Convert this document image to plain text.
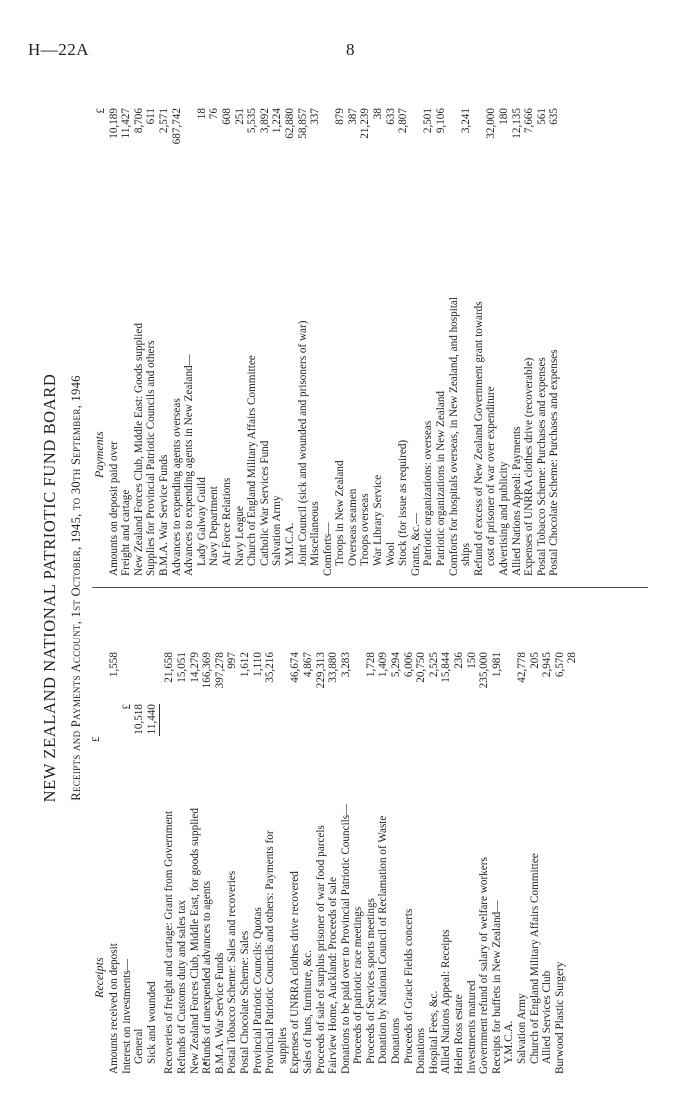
H—22A	8
NEW ZEALAND NATIONAL PATRIOTIC FUND BOARD Receipts and Payments Account, 1st October, 1945, to 30th September, 1946
Receipts
£
Payments
Amounts received on deposit
1,558
Interest on investments—
£
General
10,518
Sick and wounded
11,440
Recoveries of freight and cartage: Grant from Government
21,658
Refunds of Customs duty and sales tax
15,051
New Zealand Forces Club, Middle East, for goods supplied
14,279
Refunds of unexpended advances to agents
166,369
B.M.A. War Service Funds
397,278
Postal Tobacco Scheme: Sales and recoveries
997
Postal Chocolate Scheme: Sales
1,612
Provincial Patriotic Councils: Quotas
1,110
Provincial Patriotic Councils and others: Payments for
35,216
supplies Expenses of UNRRA clothes drive recovered
46,674
Sales of huts, furniture, &c.
4,867
Proceeds of sale of surplus prisoner of war food parcels
229,313
Fairview Home, Auckland: Proceeds of sale
33,880
Donations to be paid over to Provincial Patriotic Councils—
3,283
Proceeds of patriotic race meetings Proceeds of Services sports meetings
1,728
Donation by National Council of Reclamation of Waste
1,409
Donations
5,294
Proceeds of Gracie Fields concerts
6,006
Donations
20,750
Hospital Fees, &c.
2,525
Allied Nations Appeal: Receipts
15,844
Helen Ross estate
236
Investments matured
150
Government refund of salary of welfare workers
235,000
Receipts for buffets in New Zealand—
1,981
Y.M.C.A. Salvation Army
42,778
Church of England Military Affairs Committee
205
Allied Services Club
2,945
Burwood Plastic Surgery
6,570 28
£
Amounts on deposit paid over
10,189
Freight and cartage
11,427
New Zealand Forces Club, Middle East: Goods supplied
8,706
Supplies for Provincial Patriotic Councils and others
611
B.M.A. War Service Funds
2,571
Advances to expending agents overseas
687,742
Advances to expending agents in New Zealand— Lady Galway Guild
18
Navy Department
76
Air Force Relations
608
Navy League
251
Church of England Military Affairs Committee
5,535
Catholic War Services Fund
3,892
Salvation Army
1,224
Y.M.C.A.
62,880
Joint Council (sick and wounded and prisoners of war)
58,857
Miscellaneous
337
Comforts— Troops in New Zealand
879
Overseas seamen
387
Troops overseas
21,239
War Library Service
38
Wool
633
Stock (for issue as required)
2,807
Grants, &c.— Patriotic organizations: overseas
2,501
Patriotic organizations in New Zealand
9,106
Comforts for hospitals overseas, in New Zealand, and hospital ships
3,241
Refund of excess of New Zealand Government grant towards cost of prisoner of war over expenditure
32,000
Advertising and publicity
180
Allied Nations Appeal: Payments
12,135
Expenses of UNRRA clothes drive (recoverable)
7,666
Postal Tobacco Scheme: Purchases and expenses
561
Postal Chocolate Scheme: Purchases and expenses
635
